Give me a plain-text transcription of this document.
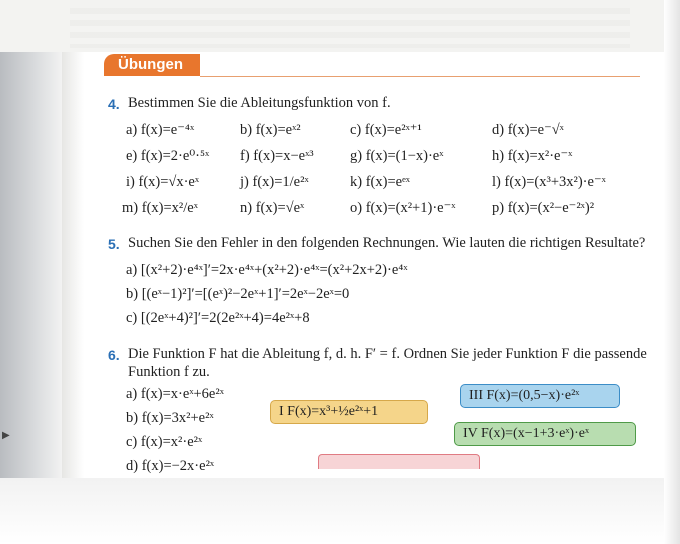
▶
Übungen
4. Bestimmen Sie die Ableitungsfunktion von f.
a) f(x)=e⁻⁴ˣ	b) f(x)=eˣ²	c) f(x)=e²ˣ⁺¹	d) f(x)=e⁻√ˣ
e) f(x)=2·e⁰·⁵ˣ f) f(x)=x−eˣ³	g) f(x)=(1−x)·eˣ	h) f(x)=x²·e⁻ˣ
i) f(x)=√x·eˣ	j) f(x)=1/e²ˣ	k) f(x)=eᵉˣ	l) f(x)=(x³+3x²)·e⁻ˣ
m) f(x)=x²/eˣ	n) f(x)=√eˣ	o) f(x)=(x²+1)·e⁻ˣ	p) f(x)=(x²−e⁻²ˣ)²
5. Suchen Sie den Fehler in den folgenden Rechnungen. Wie lauten die richtigen Resultate?
a) [(x²+2)·e⁴ˣ]′=2x·e⁴ˣ+(x²+2)·e⁴ˣ=(x²+2x+2)·e⁴ˣ
b) [(eˣ−1)²]′=[(eˣ)²−2eˣ+1]′=2eˣ−2eˣ=0
c) [(2eˣ+4)²]′=2(2e²ˣ+4)=4e²ˣ+8
6. Die Funktion F hat die Ableitung f, d. h. F′ = f. Ordnen Sie jeder Funktion F die passende
Funktion f zu.
a) f(x)=x·eˣ+6e²ˣ
b) f(x)=3x²+e²ˣ
c) f(x)=x²·e²ˣ
d) f(x)=−2x·e²ˣ
I F(x)=x³+½e²ˣ+1
III F(x)=(0,5−x)·e²ˣ
IV F(x)=(x−1+3·eˣ)·eˣ
